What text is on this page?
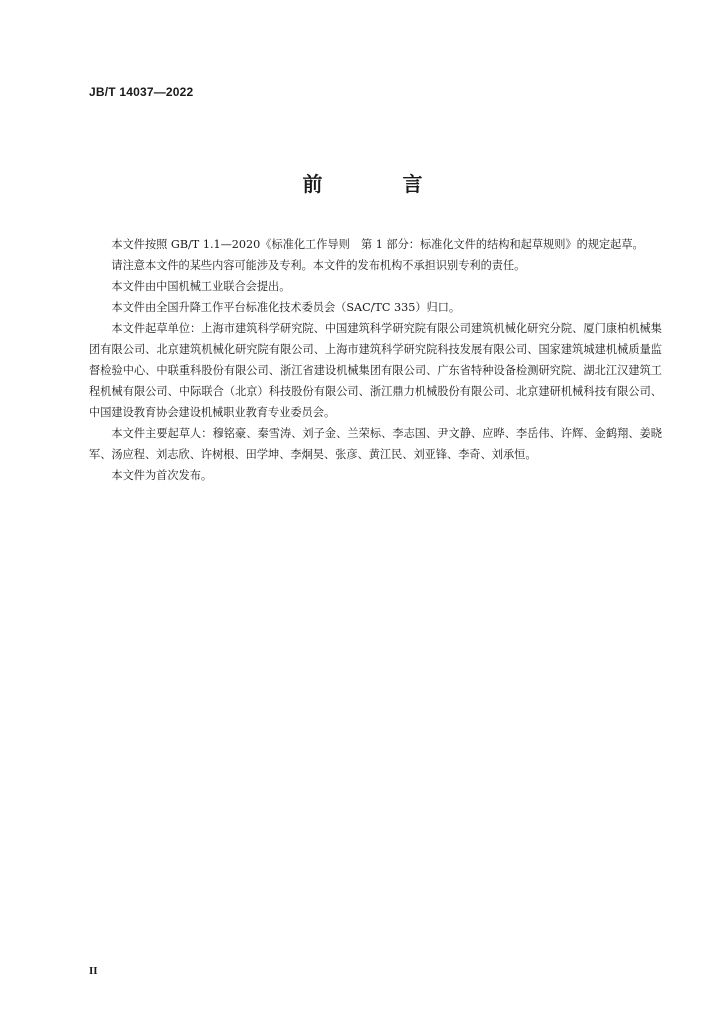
JB/T 14037—2022
前　言

本文件按照 GB/T 1.1—2020《标准化工作导则　第 1 部分：标准化文件的结构和起草规则》的规定起草。

请注意本文件的某些内容可能涉及专利。本文件的发布机构不承担识别专利的责任。

本文件由中国机械工业联合会提出。

本文件由全国升降工作平台标准化技术委员会（SAC/TC 335）归口。

本文件起草单位：上海市建筑科学研究院、中国建筑科学研究院有限公司建筑机械化研究分院、厦门康柏机械集团有限公司、北京建筑机械化研究院有限公司、上海市建筑科学研究院科技发展有限公司、国家建筑城建机械质量监督检验中心、中联重科股份有限公司、浙江省建设机械集团有限公司、广东省特种设备检测研究院、湖北江汉建筑工程机械有限公司、中际联合（北京）科技股份有限公司、浙江鼎力机械股份有限公司、北京建研机械科技有限公司、中国建设教育协会建设机械职业教育专业委员会。

本文件主要起草人：穆铭豪、秦雪涛、刘子金、兰荣标、李志国、尹文静、应晔、李岳伟、许辉、金鹤翔、姜晓军、汤应程、刘志欣、许树根、田学坤、李炯昊、张彦、黄江民、刘亚锋、李奇、刘承恒。

本文件为首次发布。

II
